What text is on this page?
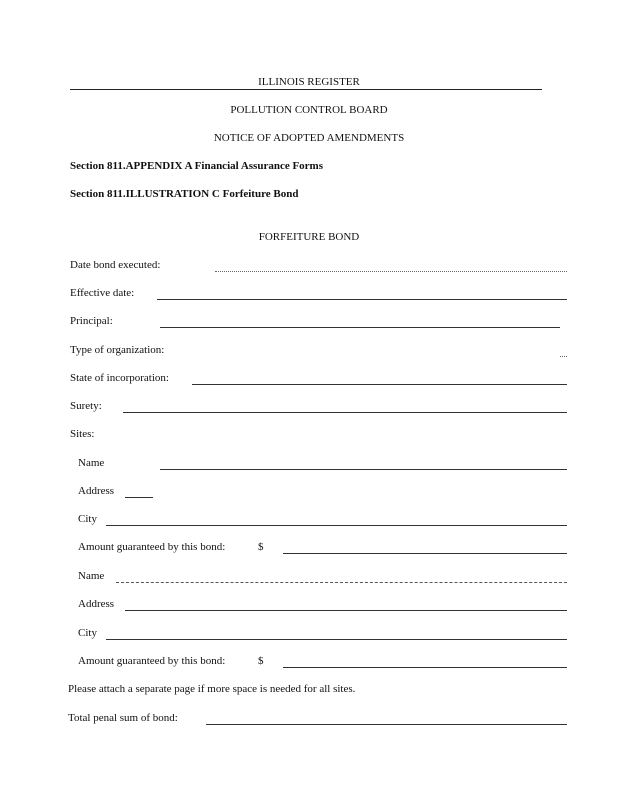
ILLINOIS REGISTER
POLLUTION CONTROL BOARD
NOTICE OF ADOPTED AMENDMENTS
Section 811.APPENDIX A Financial Assurance Forms
Section 811.ILLUSTRATION C Forfeiture Bond
FORFEITURE BOND
Date bond executed:
Effective date:
Principal:
Type of organization:
State of incorporation:
Surety:
Sites:
Name
Address
City
Amount guaranteed by this bond:	$
Name
Address
City
Amount guaranteed by this bond:	$
Please attach a separate page if more space is needed for all sites.
Total penal sum of bond:
